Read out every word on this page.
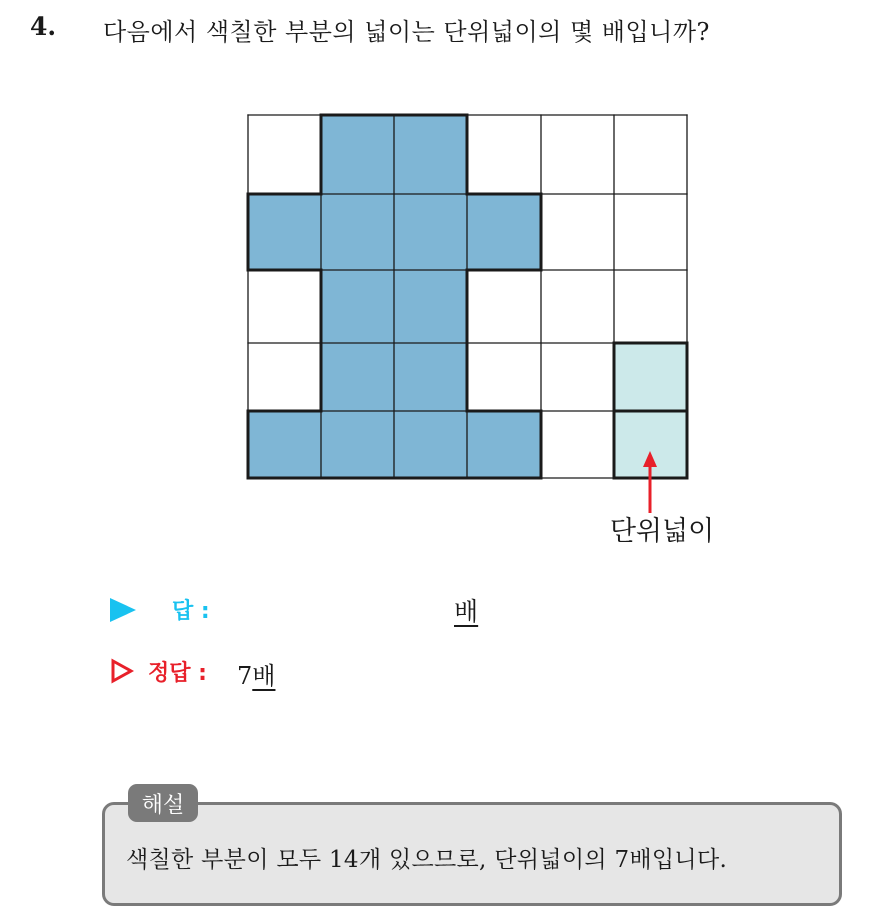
4. 다음에서 색칠한 부분의 넓이는 단위넓이의 몇 배입니까?
단위넓이
답 :	배
정답 : 7배
해설
색칠한 부분이 모두 14개 있으므로, 단위넓이의 7배입니다.
